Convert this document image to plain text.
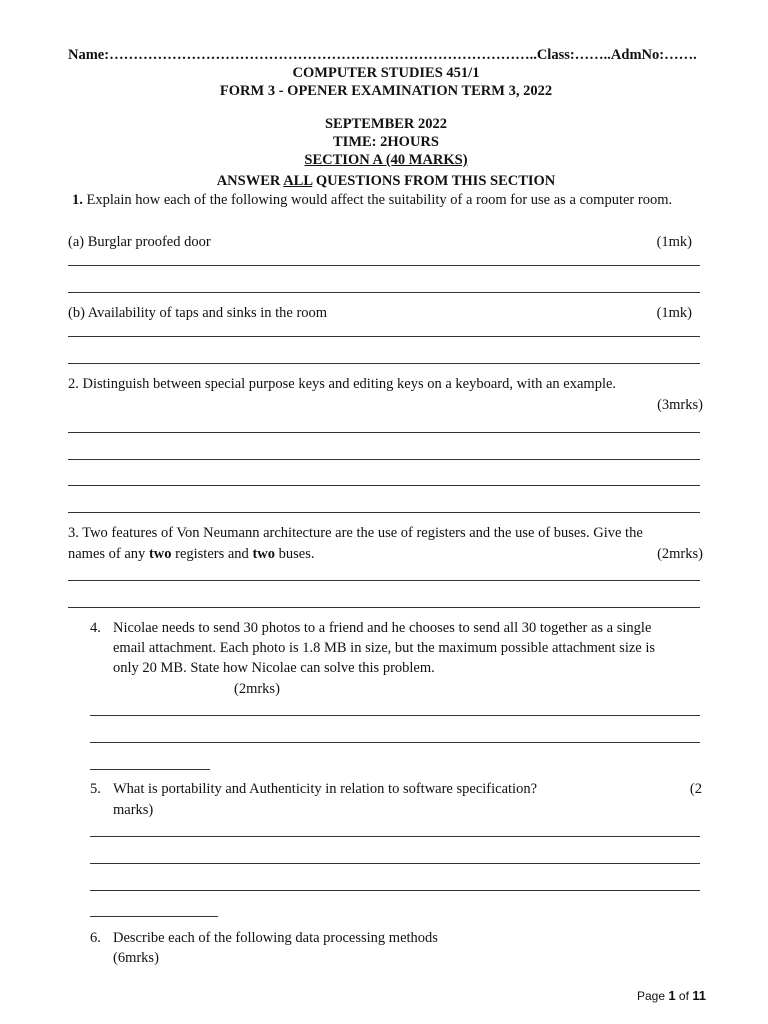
Name:……………………………………………………………………………..Class:……..AdmNo:…….
COMPUTER STUDIES 451/1
FORM 3 - OPENER EXAMINATION TERM 3, 2022
SEPTEMBER 2022
TIME: 2HOURS
SECTION A (40 MARKS)
ANSWER ALL QUESTIONS FROM THIS SECTION
1. Explain how each of the following would affect the suitability of a room for use as a computer room.
(a) Burglar proofed door	(1mk)
(b) Availability of taps and sinks in the room	(1mk)
2. Distinguish between special purpose keys and editing keys on a keyboard, with an example.
(3mrks)
3. Two features of Von Neumann architecture are the use of registers and the use of buses. Give the
names of any two registers and two buses.	(2mrks)
4. Nicolae needs to send 30 photos to a friend and he chooses to send all 30 together as a single
email attachment. Each photo is 1.8 MB in size, but the maximum possible attachment size is
only 20 MB. State how Nicolae can solve this problem.
(2mrks)
5. What is portability and Authenticity in relation to software specification?	(2
marks)
6. Describe each of the following data processing methods
(6mrks)
Page 1 of 11
